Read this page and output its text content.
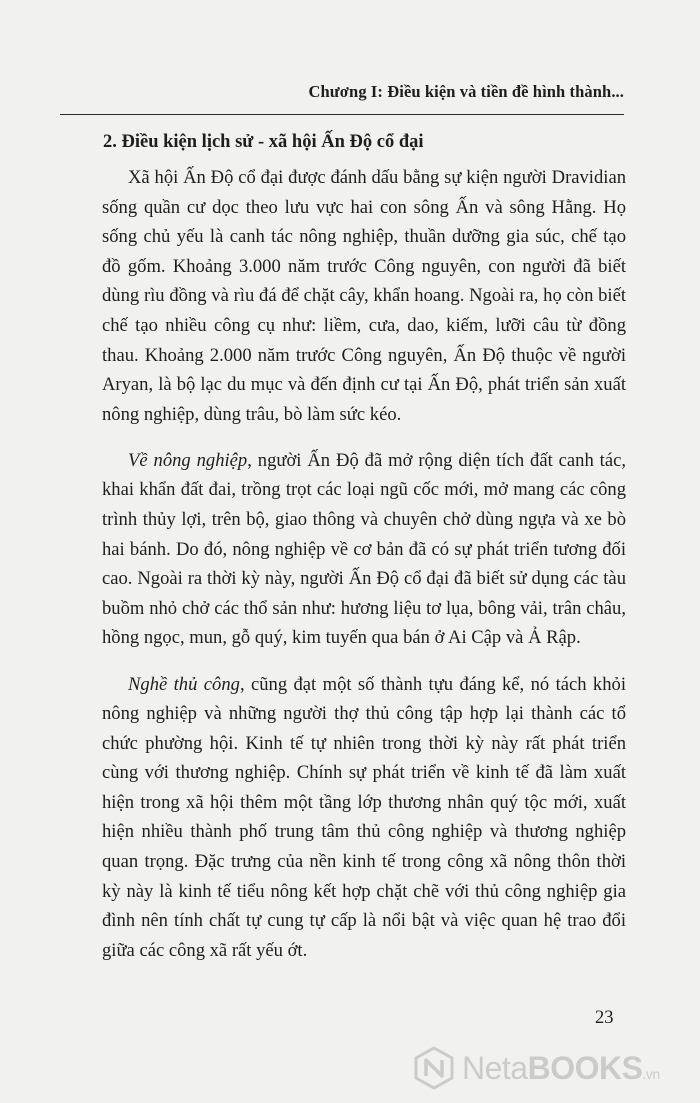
Chương I: Điều kiện và tiền đề hình thành...
2. Điều kiện lịch sử - xã hội Ấn Độ cổ đại

Xã hội Ấn Độ cổ đại được đánh dấu bằng sự kiện người Dravidian sống quần cư dọc theo lưu vực hai con sông Ấn và sông Hằng. Họ sống chủ yếu là canh tác nông nghiệp, thuần dưỡng gia súc, chế tạo đồ gốm. Khoảng 3.000 năm trước Công nguyên, con người đã biết dùng rìu đồng và rìu đá để chặt cây, khẩn hoang. Ngoài ra, họ còn biết chế tạo nhiều công cụ như: liềm, cưa, dao, kiếm, lưỡi câu từ đồng thau. Khoảng 2.000 năm trước Công nguyên, Ấn Độ thuộc về người Aryan, là bộ lạc du mục và đến định cư tại Ấn Độ, phát triển sản xuất nông nghiệp, dùng trâu, bò làm sức kéo.

Về nông nghiệp, người Ấn Độ đã mở rộng diện tích đất canh tác, khai khẩn đất đai, trồng trọt các loại ngũ cốc mới, mở mang các công trình thủy lợi, trên bộ, giao thông và chuyên chở dùng ngựa và xe bò hai bánh. Do đó, nông nghiệp về cơ bản đã có sự phát triển tương đối cao. Ngoài ra thời kỳ này, người Ấn Độ cổ đại đã biết sử dụng các tàu buồm nhỏ chở các thổ sản như: hương liệu tơ lụa, bông vải, trân châu, hồng ngọc, mun, gỗ quý, kim tuyến qua bán ở Ai Cập và Ả Rập.

Nghề thủ công, cũng đạt một số thành tựu đáng kể, nó tách khỏi nông nghiệp và những người thợ thủ công tập hợp lại thành các tổ chức phường hội. Kinh tế tự nhiên trong thời kỳ này rất phát triển cùng với thương nghiệp. Chính sự phát triển về kinh tế đã làm xuất hiện trong xã hội thêm một tầng lớp thương nhân quý tộc mới, xuất hiện nhiều thành phố trung tâm thủ công nghiệp và thương nghiệp quan trọng. Đặc trưng của nền kinh tế trong công xã nông thôn thời kỳ này là kinh tế tiểu nông kết hợp chặt chẽ với thủ công nghiệp gia đình nên tính chất tự cung tự cấp là nổi bật và việc quan hệ trao đổi giữa các công xã rất yếu ớt.

23
NetaBOOKS.vn
